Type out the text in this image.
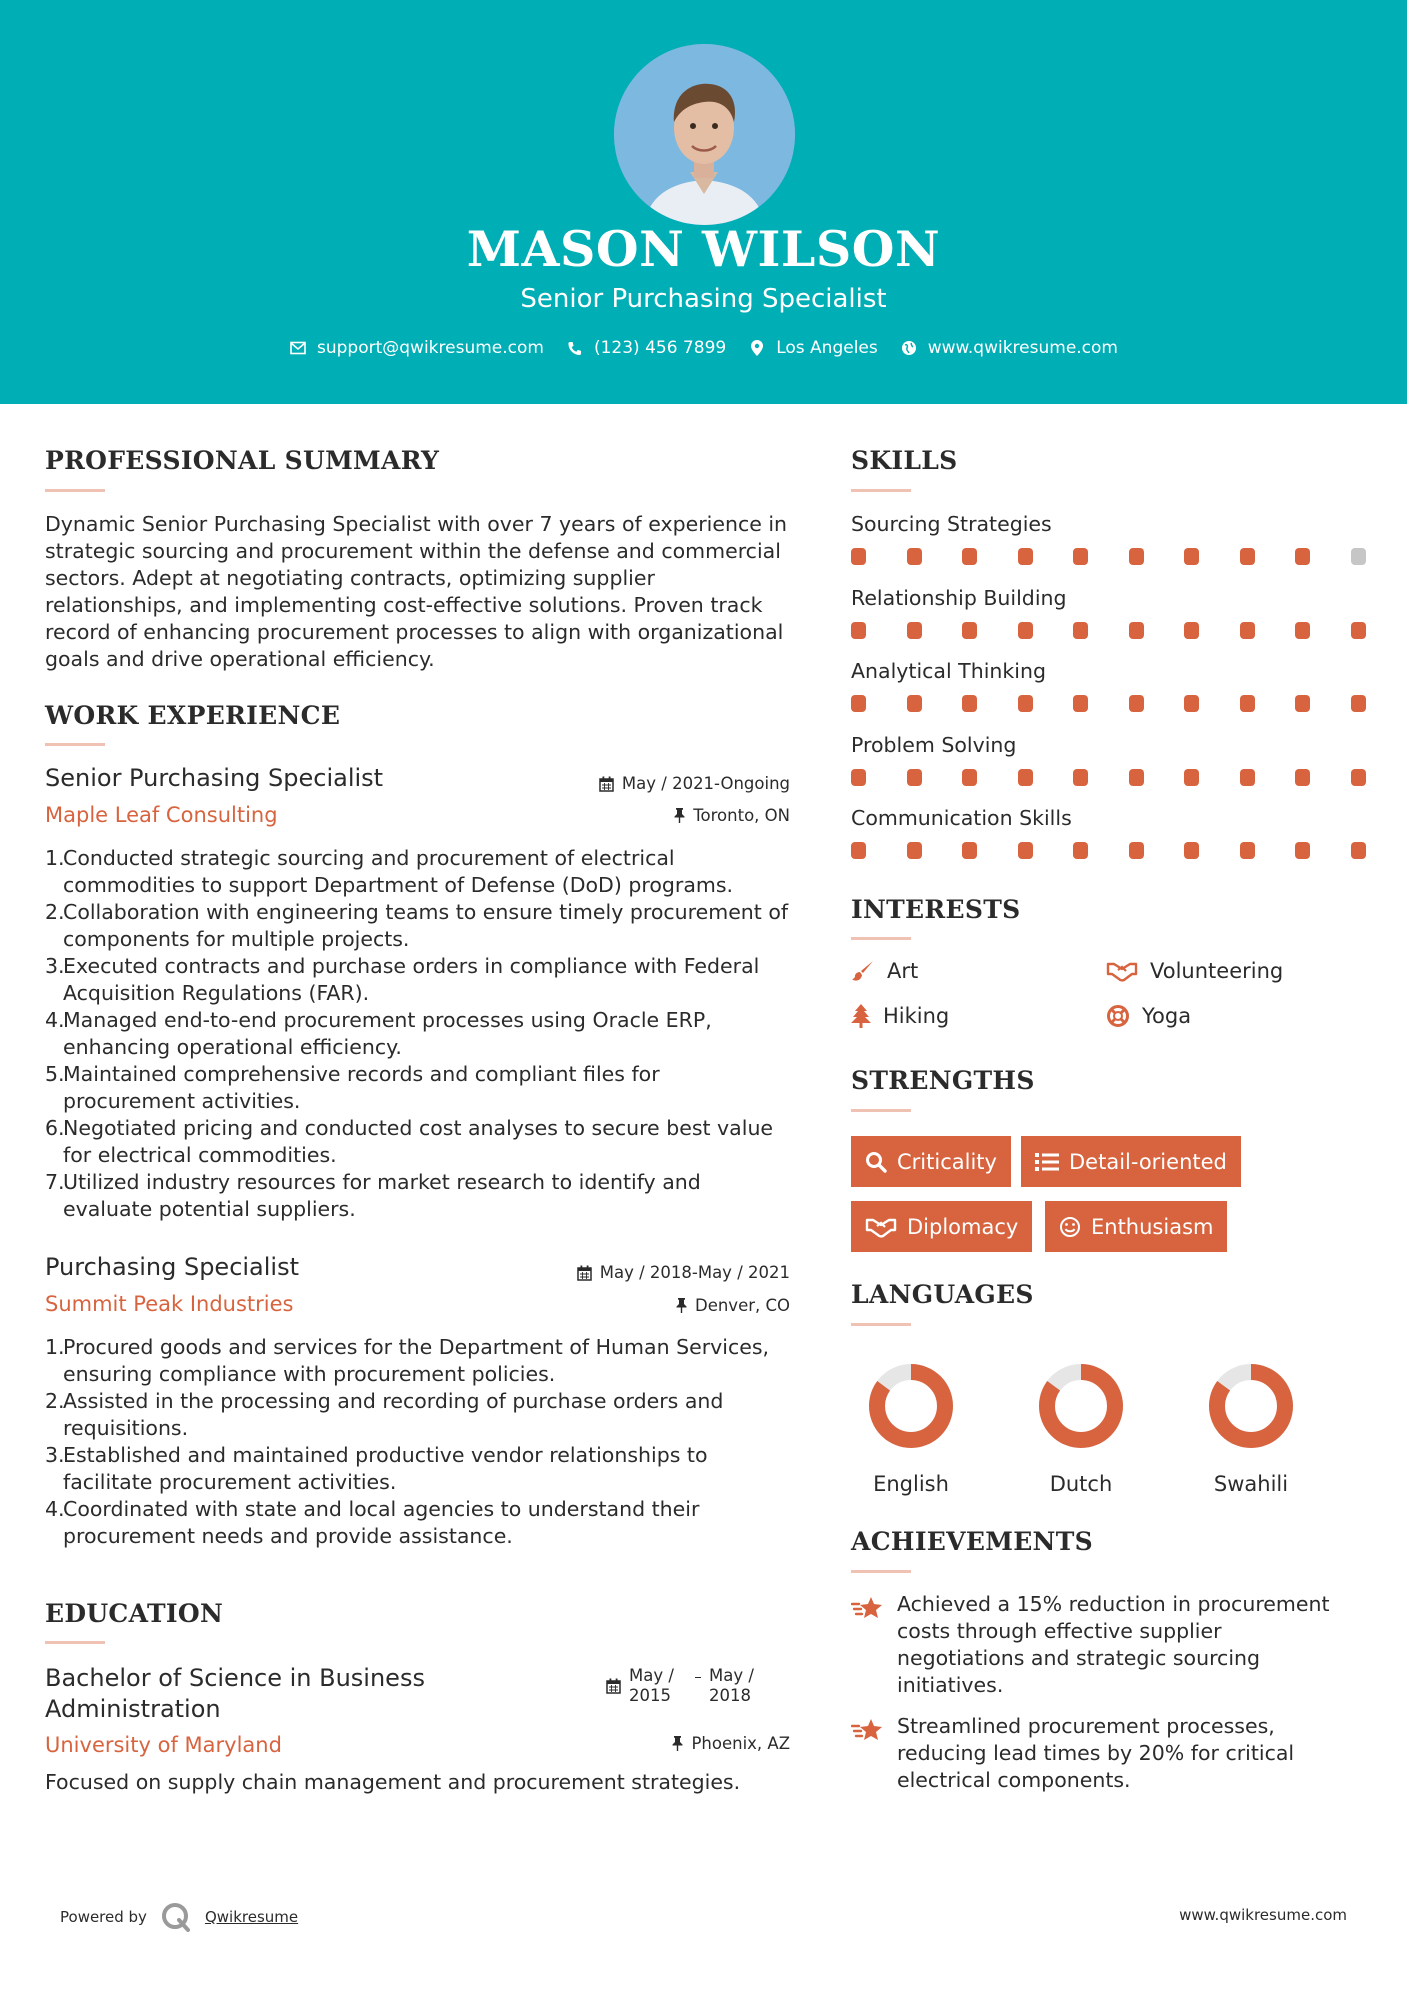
MASON WILSON
Senior Purchasing Specialist
support@qwikresume.com	(123) 456 7899	Los Angeles	www.qwikresume.com
PROFESSIONAL SUMMARY
Dynamic Senior Purchasing Specialist with over 7 years of experience in strategic sourcing and procurement within the defense and commercial sectors. Adept at negotiating contracts, optimizing supplier relationships, and implementing cost-effective solutions. Proven track record of enhancing procurement processes to align with organizational goals and drive operational efficiency.
WORK EXPERIENCE
Senior Purchasing Specialist
Maple Leaf Consulting
May / 2021-Ongoing
Toronto, ON
1.
Conducted strategic sourcing and procurement of electrical commodities to support Department of Defense (DoD) programs.
2.
Collaboration with engineering teams to ensure timely procurement of components for multiple projects.
3.
Executed contracts and purchase orders in compliance with Federal Acquisition Regulations (FAR).
4.
Managed end-to-end procurement processes using Oracle ERP, enhancing operational efficiency.
5.
Maintained comprehensive records and compliant files for procurement activities.
6.
Negotiated pricing and conducted cost analyses to secure best value for electrical commodities.
7.
Utilized industry resources for market research to identify and evaluate potential suppliers.
Purchasing Specialist
Summit Peak Industries
May / 2018-May / 2021
Denver, CO
1.
Procured goods and services for the Department of Human Services, ensuring compliance with procurement policies.
2.
Assisted in the processing and recording of purchase orders and requisitions.
3.
Established and maintained productive vendor relationships to facilitate procurement activities.
4.
Coordinated with state and local agencies to understand their procurement needs and provide assistance.
EDUCATION
Bachelor of Science in Business Administration
University of Maryland
May / 2015
May / 2018
Phoenix, AZ
Focused on supply chain management and procurement strategies.
SKILLS
Sourcing Strategies
Relationship Building
Analytical Thinking
Problem Solving
Communication Skills
INTERESTS
Art	Volunteering
Hiking	Yoga
STRENGTHS
Criticality	Detail-oriented
Diplomacy	Enthusiasm
LANGUAGES
English	Dutch	Swahili
ACHIEVEMENTS
Achieved a 15% reduction in procurement costs through effective supplier negotiations and strategic sourcing initiatives.
Streamlined procurement processes, reducing lead times by 20% for critical electrical components.
Powered by	Qwikresume	www.qwikresume.com
